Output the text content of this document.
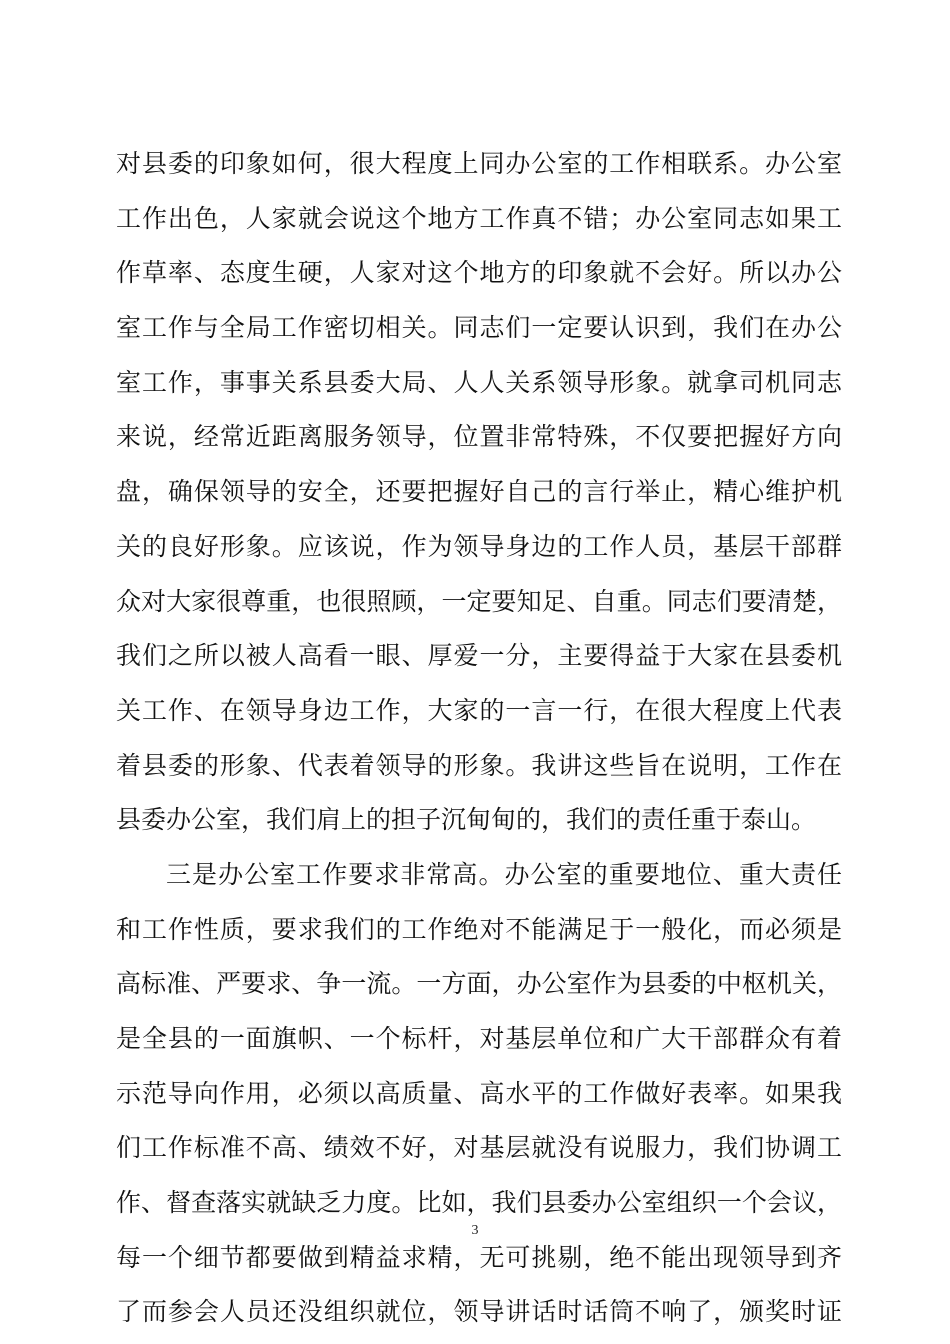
对县委的印象如何，很大程度上同办公室的工作相联系。办公室
工作出色，人家就会说这个地方工作真不错；办公室同志如果工
作草率、态度生硬，人家对这个地方的印象就不会好。所以办公
室工作与全局工作密切相关。同志们一定要认识到，我们在办公
室工作，事事关系县委大局、人人关系领导形象。就拿司机同志
来说，经常近距离服务领导，位置非常特殊，不仅要把握好方向
盘，确保领导的安全，还要把握好自己的言行举止，精心维护机
关的良好形象。应该说，作为领导身边的工作人员，基层干部群
众对大家很尊重，也很照顾，一定要知足、自重。同志们要清楚，
我们之所以被人高看一眼、厚爱一分，主要得益于大家在县委机
关工作、在领导身边工作，大家的一言一行，在很大程度上代表
着县委的形象、代表着领导的形象。我讲这些旨在说明，工作在
县委办公室，我们肩上的担子沉甸甸的，我们的责任重于泰山。
三是办公室工作要求非常高。办公室的重要地位、重大责任
和工作性质，要求我们的工作绝对不能满足于一般化，而必须是
高标准、严要求、争一流。一方面，办公室作为县委的中枢机关，
是全县的一面旗帜、一个标杆，对基层单位和广大干部群众有着
示范导向作用，必须以高质量、高水平的工作做好表率。如果我
们工作标准不高、绩效不好，对基层就没有说服力，我们协调工
作、督查落实就缺乏力度。比如，我们县委办公室组织一个会议，
每一个细节都要做到精益求精，无可挑剔，绝不能出现领导到齐
了而参会人员还没组织就位，领导讲话时话筒不响了，颁奖时证
3
